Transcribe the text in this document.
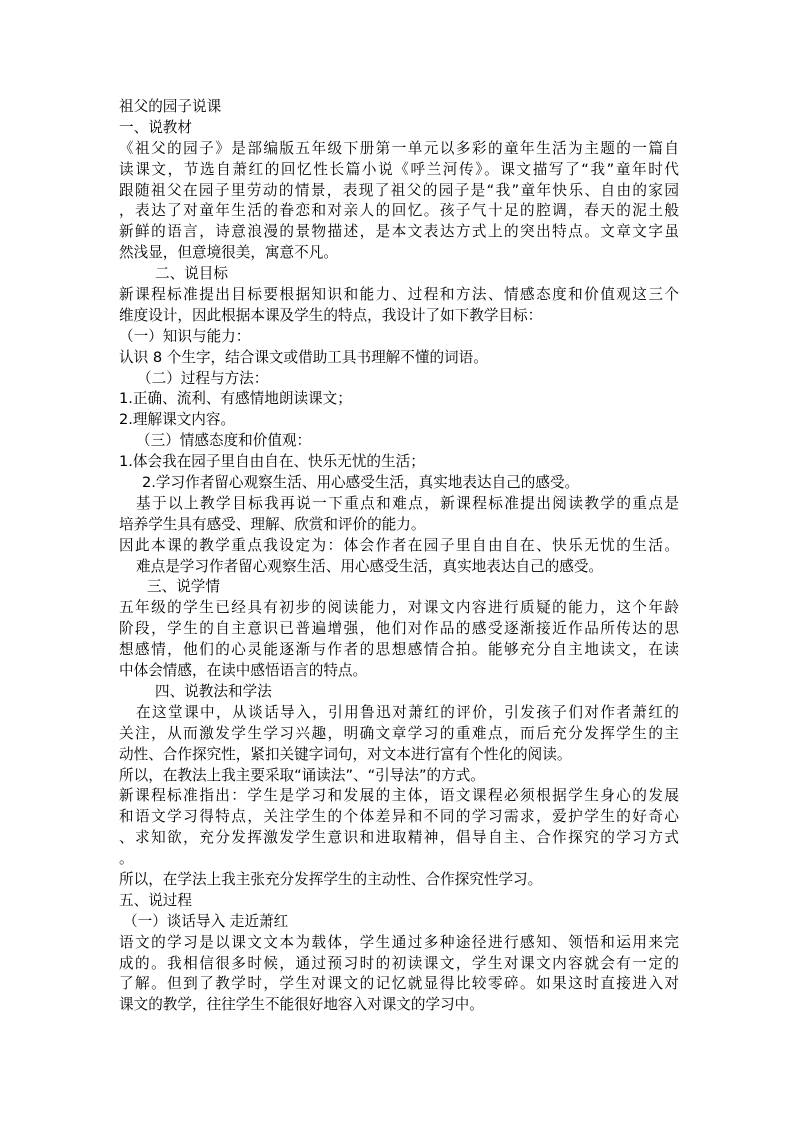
祖父的园子说课
一、说教材
《祖父的园子》是部编版五年级下册第一单元以多彩的童年生活为主题的一篇自
读课文，节选自萧红的回忆性长篇小说《呼兰河传》。课文描写了“我”童年时代
跟随祖父在园子里劳动的情景，表现了祖父的园子是“我”童年快乐、自由的家园
，表达了对童年生活的眷恋和对亲人的回忆。孩子气十足的腔调，春天的泥土般
新鲜的语言，诗意浪漫的景物描述，是本文表达方式上的突出特点。文章文字虽
然浅显，但意境很美，寓意不凡。
二、说目标
新课程标准提出目标要根据知识和能力、过程和方法、情感态度和价值观这三个
维度设计，因此根据本课及学生的特点，我设计了如下教学目标：
（一）知识与能力：
认识 8 个生字，结合课文或借助工具书理解不懂的词语。
（二）过程与方法：
1.正确、流利、有感情地朗读课文；
2.理解课文内容。
（三）情感态度和价值观：
1.体会我在园子里自由自在、快乐无忧的生活；
2.学习作者留心观察生活、用心感受生活，真实地表达自己的感受。
基于以上教学目标我再说一下重点和难点，新课程标准提出阅读教学的重点是
培养学生具有感受、理解、欣赏和评价的能力。
因此本课的教学重点我设定为：体会作者在园子里自由自在、快乐无忧的生活。
难点是学习作者留心观察生活、用心感受生活，真实地表达自己的感受。
三、说学情
五年级的学生已经具有初步的阅读能力，对课文内容进行质疑的能力，这个年龄
阶段，学生的自主意识已普遍增强，他们对作品的感受逐渐接近作品所传达的思
想感情，他们的心灵能逐渐与作者的思想感情合拍。能够充分自主地读文，在读
中体会情感，在读中感悟语言的特点。
四、说教法和学法
在这堂课中，从谈话导入，引用鲁迅对萧红的评价，引发孩子们对作者萧红的
关注，从而激发学生学习兴趣，明确文章学习的重难点，而后充分发挥学生的主
动性、合作探究性，紧扣关键字词句，对文本进行富有个性化的阅读。
所以，在教法上我主要采取“诵读法”、“引导法”的方式。
新课程标准指出：学生是学习和发展的主体，语文课程必须根据学生身心的发展
和语文学习得特点，关注学生的个体差异和不同的学习需求，爱护学生的好奇心
、求知欲，充分发挥激发学生意识和进取精神，倡导自主、合作探究的学习方式
。
所以，在学法上我主张充分发挥学生的主动性、合作探究性学习。
五、说过程
（一）谈话导入 走近萧红
语文的学习是以课文文本为载体，学生通过多种途径进行感知、领悟和运用来完
成的。我相信很多时候，通过预习时的初读课文，学生对课文内容就会有一定的
了解。但到了教学时，学生对课文的记忆就显得比较零碎。如果这时直接进入对
课文的教学，往往学生不能很好地容入对课文的学习中。
